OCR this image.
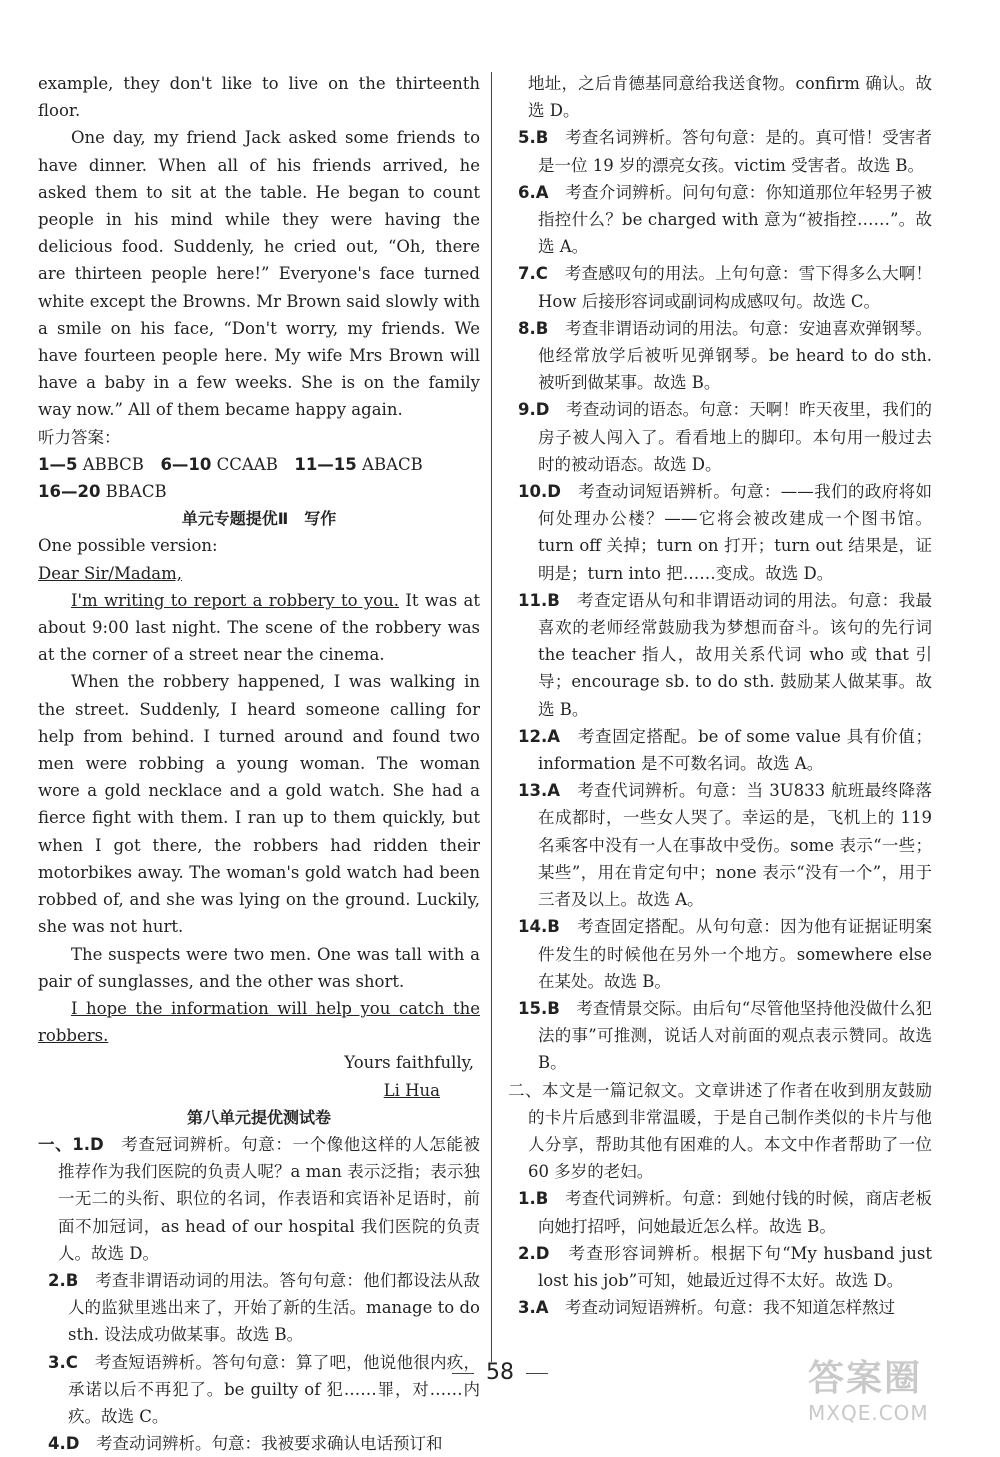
example, they don't like to live on the thirteenth floor.

One day, my friend Jack asked some friends to have dinner. When all of his friends arrived, he asked them to sit at the table. He began to count people in his mind while they were having the delicious food. Suddenly, he cried out, “Oh, there are thirteen people here!” Everyone's face turned white except the Browns. Mr Brown said slowly with a smile on his face, “Don't worry, my friends. We have fourteen people here. My wife Mrs Brown will have a baby in a few weeks. She is on the family way now.” All of them became happy again.

听力答案：

1—5 ABBCB　6—10 CCAAB　11—15 ABACB

16—20 BBACB

单元专题提优Ⅱ　写作

One possible version:

Dear Sir/Madam,

I'm writing to report a robbery to you. It was at about 9:00 last night. The scene of the robbery was at the corner of a street near the cinema.

When the robbery happened, I was walking in the street. Suddenly, I heard someone calling for help from behind. I turned around and found two men were robbing a young woman. The woman wore a gold necklace and a gold watch. She had a fierce fight with them. I ran up to them quickly, but when I got there, the robbers had ridden their motorbikes away. The woman's gold watch had been robbed of, and she was lying on the ground. Luckily, she was not hurt.

The suspects were two men. One was tall with a pair of sunglasses, and the other was short.

I hope the information will help you catch the robbers.

Yours faithfully,

Li Hua

第八单元提优测试卷

一、1.D　 考查冠词辨析。句意：一个像他这样的人怎能被推荐作为我们医院的负责人呢？a man 表示泛指；表示独一无二的头衔、职位的名词，作表语和宾语补足语时，前面不加冠词，as head of our hospital 我们医院的负责人。故选 D。

2.B　 考查非谓语动词的用法。答句句意：他们都设法从敌人的监狱里逃出来了，开始了新的生活。manage to do sth. 设法成功做某事。故选 B。

3.C　 考查短语辨析。答句句意：算了吧，他说他很内疚，承诺以后不再犯了。be guilty of 犯……罪，对……内疚。故选 C。

4.D　 考查动词辨析。句意：我被要求确认电话预订和

地址，之后肯德基同意给我送食物。confirm 确认。故选 D。

5.B　考查名词辨析。答句句意：是的。真可惜！受害者是一位 19 岁的漂亮女孩。victim 受害者。故选 B。

6.A　考查介词辨析。问句句意：你知道那位年轻男子被指控什么？be charged with 意为“被指控……”。故选 A。

7.C　考查感叹句的用法。上句句意：雪下得多么大啊！How 后接形容词或副词构成感叹句。故选 C。

8.B　考查非谓语动词的用法。句意：安迪喜欢弹钢琴。他经常放学后被听见弹钢琴。be heard to do sth. 被听到做某事。故选 B。

9.D　考查动词的语态。句意：天啊！昨天夜里，我们的房子被人闯入了。看看地上的脚印。本句用一般过去时的被动语态。故选 D。

10.D　考查动词短语辨析。句意：——我们的政府将如何处理办公楼？——它将会被改建成一个图书馆。turn off 关掉；turn on 打开；turn out 结果是，证明是；turn into 把……变成。故选 D。

11.B　考查定语从句和非谓语动词的用法。句意：我最喜欢的老师经常鼓励我为梦想而奋斗。该句的先行词 the teacher 指人，故用关系代词 who 或 that 引导；encourage sb. to do sth. 鼓励某人做某事。故选 B。

12.A　考查固定搭配。be of some value 具有价值；information 是不可数名词。故选 A。

13.A　考查代词辨析。句意：当 3U833 航班最终降落在成都时，一些女人哭了。幸运的是，飞机上的 119 名乘客中没有一人在事故中受伤。some 表示“一些；某些”，用在肯定句中；none 表示“没有一个”，用于三者及以上。故选 A。

14.B　考查固定搭配。从句句意：因为他有证据证明案件发生的时候他在另外一个地方。somewhere else 在某处。故选 B。

15.B　考查情景交际。由后句“尽管他坚持他没做什么犯法的事”可推测，说话人对前面的观点表示赞同。故选 B。

二、本文是一篇记叙文。文章讲述了作者在收到朋友鼓励的卡片后感到非常温暖，于是自己制作类似的卡片与他人分享，帮助其他有困难的人。本文中作者帮助了一位 60 多岁的老妇。

1.B　考查代词辨析。句意：到她付钱的时候，商店老板向她打招呼，问她最近怎么样。故选 B。

2.D　考查形容词辨析。根据下句“My husband just lost his job”可知，她最近过得不太好。故选 D。

3.A　考查动词短语辨析。句意：我不知道怎样熬过

58	答案圈
MXQE.COM
